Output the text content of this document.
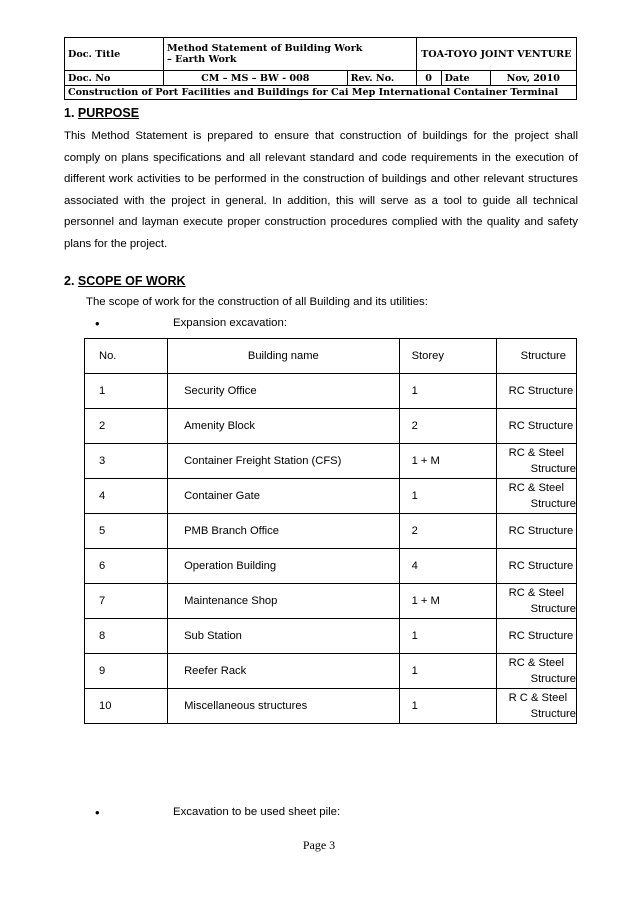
Doc. Title	Method Statement of Building Work
– Earth Work		TOA-TOYO JOINT VENTURE		
Doc. No	CM – MS – BW - 008	Rev. No.	0	Date	Nov, 2010
Construction of Port Facilities and Buildings for Cai Mep International Container Terminal					
1. PURPOSE
This Method Statement is prepared to ensure that construction of buildings for the project shall comply on plans specifications and all relevant standard and code requirements in the execution of different work activities to be performed in the construction of buildings and other relevant structures associated with the project in general. In addition, this will serve as a tool to guide all technical personnel and layman execute proper construction procedures complied with the quality and safety plans for the project.
2. SCOPE OF WORK
The scope of work for the construction of all Building and its utilities:
•	Expansion excavation:
No.	Building name	Storey	Structure
1	Security Office	1	RC Structure
2	Amenity Block	2	RC Structure
3	Container Freight Station (CFS)	1 + M	RC & Steel
Structure

4	Container Gate	1	RC & Steel
Structure

5	PMB Branch Office	2	RC Structure
6	Operation Building	4	RC Structure
7	Maintenance Shop	1 + M	RC & Steel
Structure

8	Sub Station	1	RC Structure
9	Reefer Rack	1	RC & Steel
Structure

10	Miscellaneous structures	1	R C & Steel
Structure
•	Excavation to be used sheet pile:
Page 3
